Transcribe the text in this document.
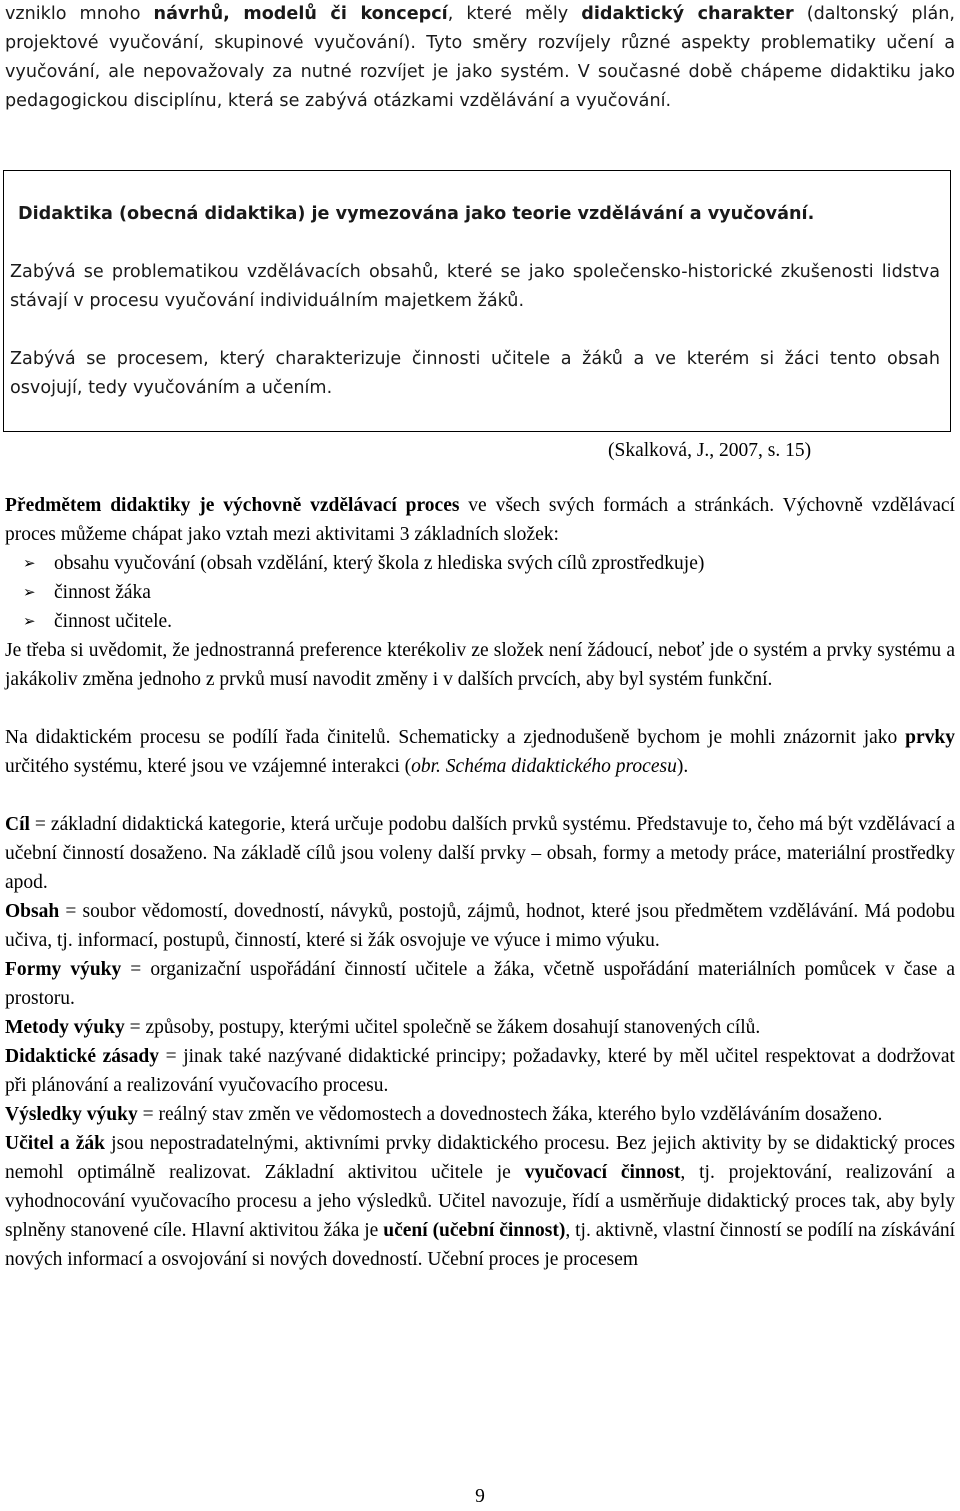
vzniklo mnoho návrhů, modelů či koncepcí, které měly didaktický charakter (daltonský plán, projektové vyučování, skupinové vyučování). Tyto směry rozvíjely různé aspekty problematiky učení a vyučování, ale nepovažovaly za nutné rozvíjet je jako systém. V současné době chápeme didaktiku jako pedagogickou disciplínu, která se zabývá otázkami vzdělávání a vyučování.

Didaktika (obecná didaktika) je vymezována jako teorie vzdělávání a vyučování.

Zabývá se problematikou vzdělávacích obsahů, které se jako společensko-historické zkušenosti lidstva stávají v procesu vyučování individuálním majetkem žáků.

Zabývá se procesem, který charakterizuje činnosti učitele a žáků a ve kterém si žáci tento obsah osvojují, tedy vyučováním a učením.

(Skalková, J., 2007, s. 15)

Předmětem didaktiky je výchovně vzdělávací proces ve všech svých formách a stránkách. Výchovně vzdělávací proces můžeme chápat jako vztah mezi aktivitami 3 základních složek:

➢ obsahu vyučování (obsah vzdělání, který škola z hlediska svých cílů zprostředkuje)
➢ činnost žáka
➢ činnost učitele.

Je třeba si uvědomit, že jednostranná preference kterékoliv ze složek není žádoucí, neboť jde o systém a prvky systému a jakákoliv změna jednoho z prvků musí navodit změny i v dalších prvcích, aby byl systém funkční.

Na didaktickém procesu se podílí řada činitelů. Schematicky a zjednodušeně bychom je mohli znázornit jako prvky určitého systému, které jsou ve vzájemné interakci (obr. Schéma didaktického procesu).

Cíl = základní didaktická kategorie, která určuje podobu dalších prvků systému. Představuje to, čeho má být vzdělávací a učební činností dosaženo. Na základě cílů jsou voleny další prvky – obsah, formy a metody práce, materiální prostředky apod.

Obsah = soubor vědomostí, dovedností, návyků, postojů, zájmů, hodnot, které jsou předmětem vzdělávání. Má podobu učiva, tj. informací, postupů, činností, které si žák osvojuje ve výuce i mimo výuku.

Formy výuky = organizační uspořádání činností učitele a žáka, včetně uspořádání materiálních pomůcek v čase a prostoru.

Metody výuky = způsoby, postupy, kterými učitel společně se žákem dosahují stanovených cílů.

Didaktické zásady = jinak také nazývané didaktické principy; požadavky, které by měl učitel respektovat a dodržovat při plánování a realizování vyučovacího procesu.

Výsledky výuky = reálný stav změn ve vědomostech a dovednostech žáka, kterého bylo vzděláváním dosaženo.

Učitel a žák jsou nepostradatelnými, aktivními prvky didaktického procesu. Bez jejich aktivity by se didaktický proces nemohl optimálně realizovat. Základní aktivitou učitele je vyučovací činnost, tj. projektování, realizování a vyhodnocování vyučovacího procesu a jeho výsledků. Učitel navozuje, řídí a usměrňuje didaktický proces tak, aby byly splněny stanovené cíle. Hlavní aktivitou žáka je učení (učební činnost), tj. aktivně, vlastní činností se podílí na získávání nových informací a osvojování si nových dovedností. Učební proces je procesem

9
